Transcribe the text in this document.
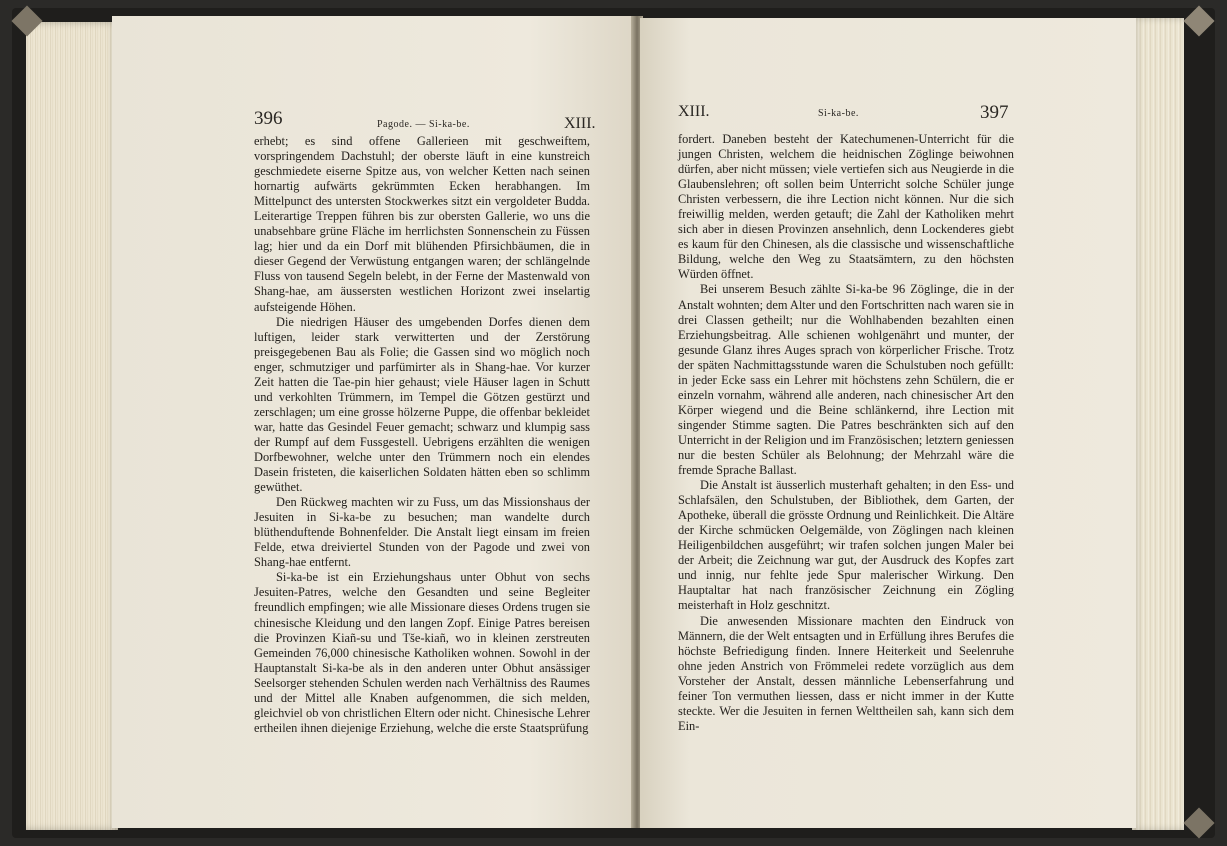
396	Pagode. — Si-ka-be.	XIII.

erhebt; es sind offene Gallerieen mit geschweiftem, vorspringendem Dachstuhl; der oberste läuft in eine kunstreich geschmiedete eiserne Spitze aus, von welcher Ketten nach seinen hornartig aufwärts gekrümmten Ecken herabhangen. Im Mittelpunct des untersten Stockwerkes sitzt ein vergoldeter Budda. Leiterartige Treppen führen bis zur obersten Gallerie, wo uns die unabsehbare grüne Fläche im herrlichsten Sonnenschein zu Füssen lag; hier und da ein Dorf mit blühenden Pfirsichbäumen, die in dieser Gegend der Verwüstung entgangen waren; der schlängelnde Fluss von tausend Segeln belebt, in der Ferne der Mastenwald von Shang-hae, am äussersten westlichen Horizont zwei inselartig aufsteigende Höhen.

Die niedrigen Häuser des umgebenden Dorfes dienen dem luftigen, leider stark verwitterten und der Zerstörung preisgegebenen Bau als Folie; die Gassen sind wo möglich noch enger, schmutziger und parfümirter als in Shang-hae. Vor kurzer Zeit hatten die Tae-pin hier gehaust; viele Häuser lagen in Schutt und verkohlten Trümmern, im Tempel die Götzen gestürzt und zerschlagen; um eine grosse hölzerne Puppe, die offenbar bekleidet war, hatte das Gesindel Feuer gemacht; schwarz und klumpig sass der Rumpf auf dem Fussgestell. Uebrigens erzählten die wenigen Dorfbewohner, welche unter den Trümmern noch ein elendes Dasein fristeten, die kaiserlichen Soldaten hätten eben so schlimm gewüthet.

Den Rückweg machten wir zu Fuss, um das Missionshaus der Jesuiten in Si-ka-be zu besuchen; man wandelte durch blüthenduftende Bohnenfelder. Die Anstalt liegt einsam im freien Felde, etwa dreiviertel Stunden von der Pagode und zwei von Shang-hae entfernt.

Si-ka-be ist ein Erziehungshaus unter Obhut von sechs Jesuiten-Patres, welche den Gesandten und seine Begleiter freundlich empfingen; wie alle Missionare dieses Ordens trugen sie chinesische Kleidung und den langen Zopf. Einige Patres bereisen die Provinzen Kiañ-su und Tše-kiañ, wo in kleinen zerstreuten Gemeinden 76,000 chinesische Katholiken wohnen. Sowohl in der Hauptanstalt Si-ka-be als in den anderen unter Obhut ansässiger Seelsorger stehenden Schulen werden nach Verhältniss des Raumes und der Mittel alle Knaben aufgenommen, die sich melden, gleichviel ob von christlichen Eltern oder nicht. Chinesische Lehrer ertheilen ihnen diejenige Erziehung, welche die erste Staatsprüfung

XIII.	Si-ka-be.	397

fordert. Daneben besteht der Katechumenen-Unterricht für die jungen Christen, welchem die heidnischen Zöglinge beiwohnen dürfen, aber nicht müssen; viele vertiefen sich aus Neugierde in die Glaubenslehren; oft sollen beim Unterricht solche Schüler junge Christen verbessern, die ihre Lection nicht können. Nur die sich freiwillig melden, werden getauft; die Zahl der Katholiken mehrt sich aber in diesen Provinzen ansehnlich, denn Lockenderes giebt es kaum für den Chinesen, als die classische und wissenschaftliche Bildung, welche den Weg zu Staatsämtern, zu den höchsten Würden öffnet.

Bei unserem Besuch zählte Si-ka-be 96 Zöglinge, die in der Anstalt wohnten; dem Alter und den Fortschritten nach waren sie in drei Classen getheilt; nur die Wohlhabenden bezahlten einen Erziehungsbeitrag. Alle schienen wohlgenährt und munter, der gesunde Glanz ihres Auges sprach von körperlicher Frische. Trotz der späten Nachmittagsstunde waren die Schulstuben noch gefüllt: in jeder Ecke sass ein Lehrer mit höchstens zehn Schülern, die er einzeln vornahm, während alle anderen, nach chinesischer Art den Körper wiegend und die Beine schlänkernd, ihre Lection mit singender Stimme sagten. Die Patres beschränkten sich auf den Unterricht in der Religion und im Französischen; letztern geniessen nur die besten Schüler als Belohnung; der Mehrzahl wäre die fremde Sprache Ballast.

Die Anstalt ist äusserlich musterhaft gehalten; in den Ess- und Schlafsälen, den Schulstuben, der Bibliothek, dem Garten, der Apotheke, überall die grösste Ordnung und Reinlichkeit. Die Altäre der Kirche schmücken Oelgemälde, von Zöglingen nach kleinen Heiligenbildchen ausgeführt; wir trafen solchen jungen Maler bei der Arbeit; die Zeichnung war gut, der Ausdruck des Kopfes zart und innig, nur fehlte jede Spur malerischer Wirkung. Den Hauptaltar hat nach französischer Zeichnung ein Zögling meisterhaft in Holz geschnitzt.

Die anwesenden Missionare machten den Eindruck von Männern, die der Welt entsagten und in Erfüllung ihres Berufes die höchste Befriedigung finden. Innere Heiterkeit und Seelenruhe ohne jeden Anstrich von Frömmelei redete vorzüglich aus dem Vorsteher der Anstalt, dessen männliche Lebenserfahrung und feiner Ton vermuthen liessen, dass er nicht immer in der Kutte steckte. Wer die Jesuiten in fernen Welttheilen sah, kann sich dem Ein-
